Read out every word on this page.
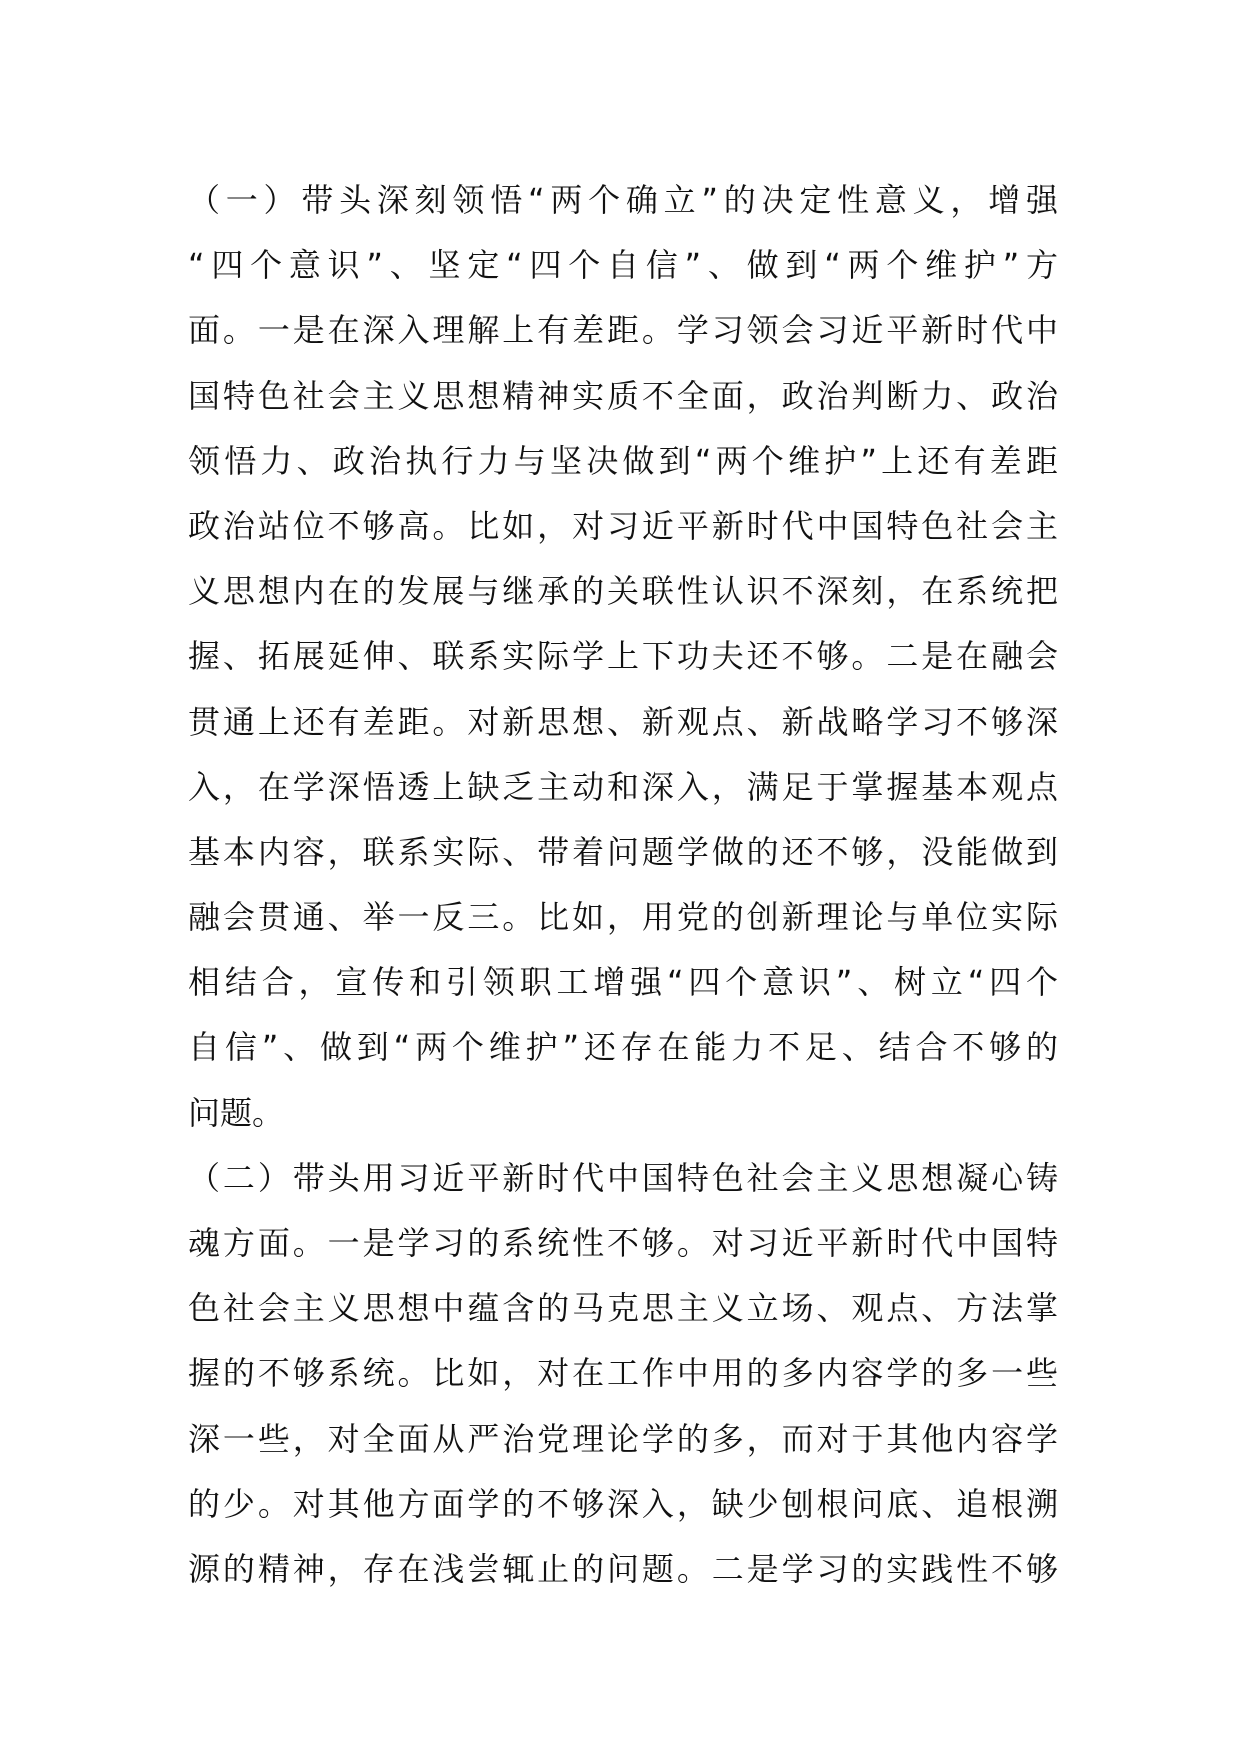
（一）带头深刻领悟“两个确立”的决定性意义，增强
“四个意识”、坚定“四个自信”、做到“两个维护”方
面。一是在深入理解上有差距。学习领会习近平新时代中
国特色社会主义思想精神实质不全面，政治判断力、政治
领悟力、政治执行力与坚决做到“两个维护”上还有差距
政治站位不够高。比如，对习近平新时代中国特色社会主
义思想内在的发展与继承的关联性认识不深刻，在系统把
握、拓展延伸、联系实际学上下功夫还不够。二是在融会
贯通上还有差距。对新思想、新观点、新战略学习不够深
入，在学深悟透上缺乏主动和深入，满足于掌握基本观点
基本内容，联系实际、带着问题学做的还不够，没能做到
融会贯通、举一反三。比如，用党的创新理论与单位实际
相结合，宣传和引领职工增强“四个意识”、树立“四个
自信”、做到“两个维护”还存在能力不足、结合不够的
问题。
（二）带头用习近平新时代中国特色社会主义思想凝心铸
魂方面。一是学习的系统性不够。对习近平新时代中国特
色社会主义思想中蕴含的马克思主义立场、观点、方法掌
握的不够系统。比如，对在工作中用的多内容学的多一些
深一些，对全面从严治党理论学的多，而对于其他内容学
的少。对其他方面学的不够深入，缺少刨根问底、追根溯
源的精神，存在浅尝辄止的问题。二是学习的实践性不够
